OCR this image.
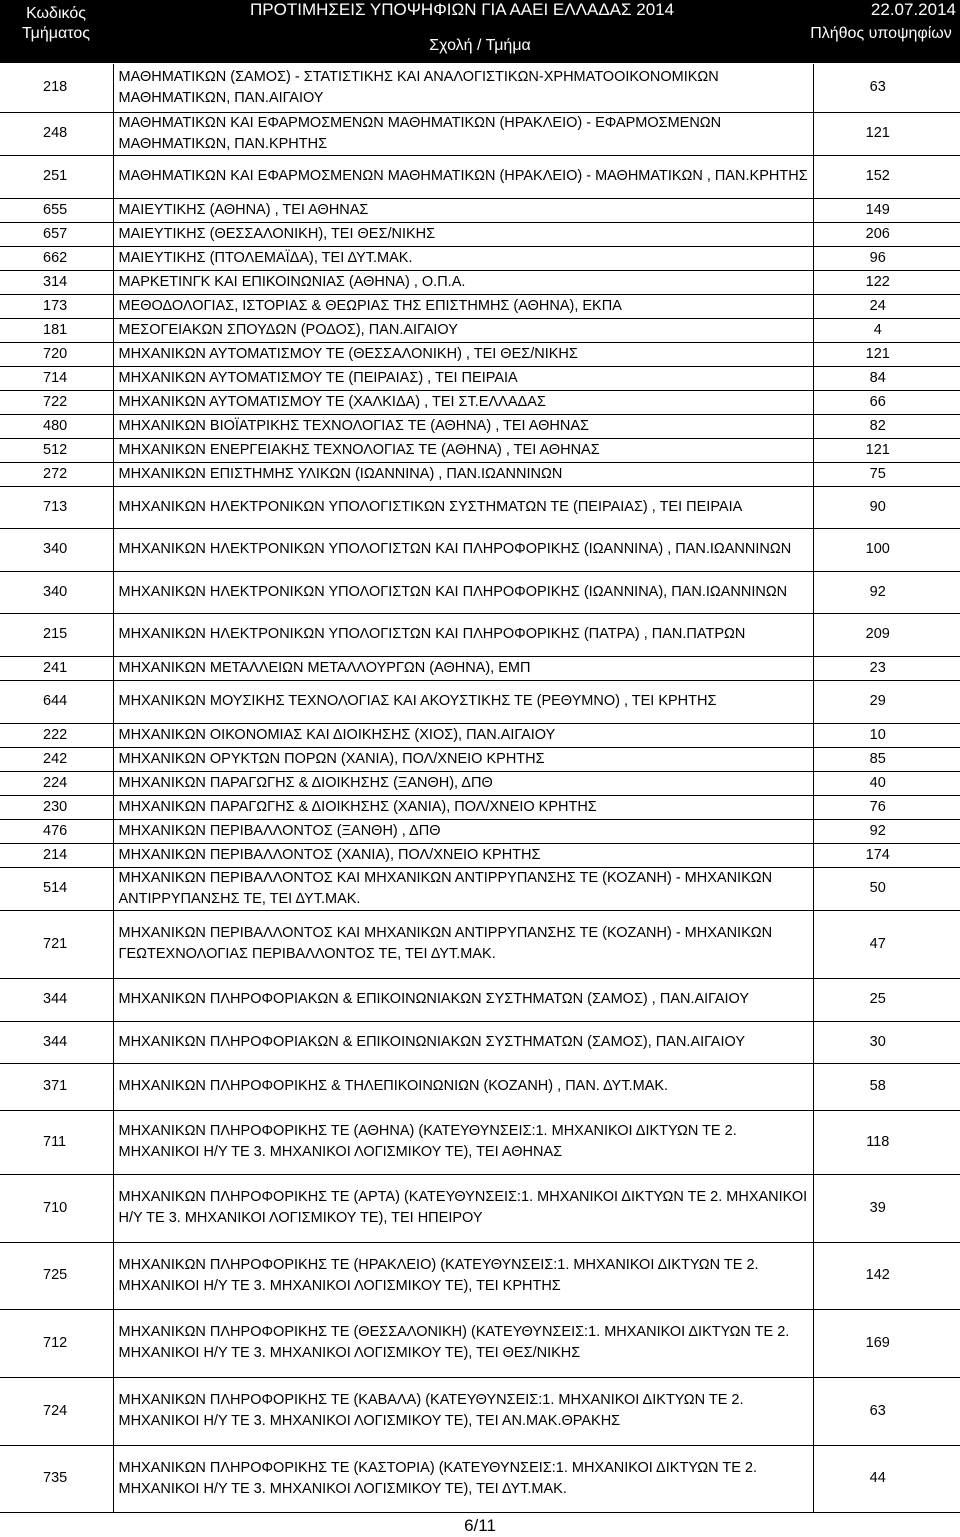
Κωδικός Τμήματος
ΠΡΟΤΙΜΗΣΕΙΣ ΥΠΟΨΗΦΙΩΝ ΓΙΑ ΑΑΕΙ ΕΛΛΑΔΑΣ 2014	22.07.2014
Σχολή / Τμήμα
Πλήθος υποψηφίων
218	ΜΑΘΗΜΑΤΙΚΩΝ (ΣΑΜΟΣ) - ΣΤΑΤΙΣΤΙΚΗΣ ΚΑΙ ΑΝΑΛΟΓΙΣΤΙΚΩΝ-ΧΡΗΜΑΤΟΟΙΚΟΝΟΜΙΚΩΝ ΜΑΘΗΜΑΤΙΚΩΝ, ΠΑΝ.ΑΙΓΑΙΟΥ	63
248	ΜΑΘΗΜΑΤΙΚΩΝ ΚΑΙ ΕΦΑΡΜΟΣΜΕΝΩΝ ΜΑΘΗΜΑΤΙΚΩΝ (ΗΡΑΚΛΕΙΟ) - ΕΦΑΡΜΟΣΜΕΝΩΝ ΜΑΘΗΜΑΤΙΚΩΝ, ΠΑΝ.ΚΡΗΤΗΣ	121
251	ΜΑΘΗΜΑΤΙΚΩΝ ΚΑΙ ΕΦΑΡΜΟΣΜΕΝΩΝ ΜΑΘΗΜΑΤΙΚΩΝ (ΗΡΑΚΛΕΙΟ) - ΜΑΘΗΜΑΤΙΚΩΝ , ΠΑΝ.ΚΡΗΤΗΣ	152
655	ΜΑΙΕΥΤΙΚΗΣ (ΑΘΗΝΑ) , ΤΕΙ ΑΘΗΝΑΣ	149
657	ΜΑΙΕΥΤΙΚΗΣ (ΘΕΣΣΑΛΟΝΙΚΗ), ΤΕΙ ΘΕΣ/ΝΙΚΗΣ	206
662	ΜΑΙΕΥΤΙΚΗΣ (ΠΤΟΛΕΜΑΪΔΑ), ΤΕΙ ΔΥΤ.ΜΑΚ.	96
314	ΜΑΡΚΕΤΙΝΓΚ ΚΑΙ ΕΠΙΚΟΙΝΩΝΙΑΣ (ΑΘΗΝΑ) , Ο.Π.Α.	122
173	ΜΕΘΟΔΟΛΟΓΙΑΣ, ΙΣΤΟΡΙΑΣ & ΘΕΩΡΙΑΣ ΤΗΣ ΕΠΙΣΤΗΜΗΣ (ΑΘΗΝΑ), ΕΚΠΑ	24
181	ΜΕΣΟΓΕΙΑΚΩΝ ΣΠΟΥΔΩΝ (ΡΟΔΟΣ), ΠΑΝ.ΑΙΓΑΙΟΥ	4
720	ΜΗΧΑΝΙΚΩΝ ΑΥΤΟΜΑΤΙΣΜΟΥ ΤΕ (ΘΕΣΣΑΛΟΝΙΚΗ) , ΤΕΙ ΘΕΣ/ΝΙΚΗΣ	121
714	ΜΗΧΑΝΙΚΩΝ ΑΥΤΟΜΑΤΙΣΜΟΥ ΤΕ (ΠΕΙΡΑΙΑΣ) , ΤΕΙ ΠΕΙΡΑΙΑ	84
722	ΜΗΧΑΝΙΚΩΝ ΑΥΤΟΜΑΤΙΣΜΟΥ ΤΕ (ΧΑΛΚΙΔΑ) , ΤΕΙ ΣΤ.ΕΛΛΑΔΑΣ	66
480	ΜΗΧΑΝΙΚΩΝ ΒΙΟΪΑΤΡΙΚΗΣ ΤΕΧΝΟΛΟΓΙΑΣ ΤΕ (ΑΘΗΝΑ) , ΤΕΙ ΑΘΗΝΑΣ	82
512	ΜΗΧΑΝΙΚΩΝ ΕΝΕΡΓΕΙΑΚΗΣ ΤΕΧΝΟΛΟΓΙΑΣ ΤΕ (ΑΘΗΝΑ) , ΤΕΙ ΑΘΗΝΑΣ	121
272	ΜΗΧΑΝΙΚΩΝ ΕΠΙΣΤΗΜΗΣ ΥΛΙΚΩΝ (ΙΩΑΝΝΙΝΑ) , ΠΑΝ.ΙΩΑΝΝΙΝΩΝ	75
713	ΜΗΧΑΝΙΚΩΝ ΗΛΕΚΤΡΟΝΙΚΩΝ ΥΠΟΛΟΓΙΣΤΙΚΩΝ ΣΥΣΤΗΜΑΤΩΝ ΤΕ (ΠΕΙΡΑΙΑΣ) , ΤΕΙ ΠΕΙΡΑΙΑ	90
340	ΜΗΧΑΝΙΚΩΝ ΗΛΕΚΤΡΟΝΙΚΩΝ ΥΠΟΛΟΓΙΣΤΩΝ ΚΑΙ ΠΛΗΡΟΦΟΡΙΚΗΣ (ΙΩΑΝΝΙΝΑ) , ΠΑΝ.ΙΩΑΝΝΙΝΩΝ	100
340	ΜΗΧΑΝΙΚΩΝ ΗΛΕΚΤΡΟΝΙΚΩΝ ΥΠΟΛΟΓΙΣΤΩΝ ΚΑΙ ΠΛΗΡΟΦΟΡΙΚΗΣ (ΙΩΑΝΝΙΝΑ), ΠΑΝ.ΙΩΑΝΝΙΝΩΝ	92
215	ΜΗΧΑΝΙΚΩΝ ΗΛΕΚΤΡΟΝΙΚΩΝ ΥΠΟΛΟΓΙΣΤΩΝ ΚΑΙ ΠΛΗΡΟΦΟΡΙΚΗΣ (ΠΑΤΡΑ) , ΠΑΝ.ΠΑΤΡΩΝ	209
241	ΜΗΧΑΝΙΚΩΝ ΜΕΤΑΛΛΕΙΩΝ ΜΕΤΑΛΛΟΥΡΓΩΝ (ΑΘΗΝΑ), ΕΜΠ	23
644	ΜΗΧΑΝΙΚΩΝ ΜΟΥΣΙΚΗΣ ΤΕΧΝΟΛΟΓΙΑΣ ΚΑΙ ΑΚΟΥΣΤΙΚΗΣ ΤΕ (ΡΕΘΥΜΝΟ) , ΤΕΙ ΚΡΗΤΗΣ	29
222	ΜΗΧΑΝΙΚΩΝ ΟΙΚΟΝΟΜΙΑΣ ΚΑΙ ΔΙΟΙΚΗΣΗΣ (ΧΙΟΣ), ΠΑΝ.ΑΙΓΑΙΟΥ	10
242	ΜΗΧΑΝΙΚΩΝ ΟΡΥΚΤΩΝ ΠΟΡΩΝ (ΧΑΝΙΑ), ΠΟΛ/ΧΝΕΙΟ ΚΡΗΤΗΣ	85
224	ΜΗΧΑΝΙΚΩΝ ΠΑΡΑΓΩΓΗΣ & ΔΙΟΙΚΗΣΗΣ (ΞΑΝΘΗ), ΔΠΘ	40
230	ΜΗΧΑΝΙΚΩΝ ΠΑΡΑΓΩΓΗΣ & ΔΙΟΙΚΗΣΗΣ (ΧΑΝΙΑ), ΠΟΛ/ΧΝΕΙΟ ΚΡΗΤΗΣ	76
476	ΜΗΧΑΝΙΚΩΝ ΠΕΡΙΒΑΛΛΟΝΤΟΣ (ΞΑΝΘΗ) , ΔΠΘ	92
214	ΜΗΧΑΝΙΚΩΝ ΠΕΡΙΒΑΛΛΟΝΤΟΣ (ΧΑΝΙΑ), ΠΟΛ/ΧΝΕΙΟ ΚΡΗΤΗΣ	174
514	ΜΗΧΑΝΙΚΩΝ ΠΕΡΙΒΑΛΛΟΝΤΟΣ ΚΑΙ ΜΗΧΑΝΙΚΩΝ ΑΝΤΙΡΡΥΠΑΝΣΗΣ ΤΕ (ΚΟΖΑΝΗ) - ΜΗΧΑΝΙΚΩΝ ΑΝΤΙΡΡΥΠΑΝΣΗΣ ΤΕ, ΤΕΙ ΔΥΤ.ΜΑΚ.	50
721	ΜΗΧΑΝΙΚΩΝ ΠΕΡΙΒΑΛΛΟΝΤΟΣ ΚΑΙ ΜΗΧΑΝΙΚΩΝ ΑΝΤΙΡΡΥΠΑΝΣΗΣ ΤΕ (ΚΟΖΑΝΗ) - ΜΗΧΑΝΙΚΩΝ ΓΕΩΤΕΧΝΟΛΟΓΙΑΣ ΠΕΡΙΒΑΛΛΟΝΤΟΣ ΤΕ, ΤΕΙ ΔΥΤ.ΜΑΚ.	47
344	ΜΗΧΑΝΙΚΩΝ ΠΛΗΡΟΦΟΡΙΑΚΩΝ & ΕΠΙΚΟΙΝΩΝΙΑΚΩΝ ΣΥΣΤΗΜΑΤΩΝ (ΣΑΜΟΣ) , ΠΑΝ.ΑΙΓΑΙΟΥ	25
344	ΜΗΧΑΝΙΚΩΝ ΠΛΗΡΟΦΟΡΙΑΚΩΝ & ΕΠΙΚΟΙΝΩΝΙΑΚΩΝ ΣΥΣΤΗΜΑΤΩΝ (ΣΑΜΟΣ), ΠΑΝ.ΑΙΓΑΙΟΥ	30
371	ΜΗΧΑΝΙΚΩΝ ΠΛΗΡΟΦΟΡΙΚΗΣ & ΤΗΛΕΠΙΚΟΙΝΩΝΙΩΝ (ΚΟΖΑΝΗ) , ΠΑΝ. ΔΥΤ.ΜΑΚ.	58
711	ΜΗΧΑΝΙΚΩΝ ΠΛΗΡΟΦΟΡΙΚΗΣ ΤΕ (ΑΘΗΝΑ) (ΚΑΤΕΥΘΥΝΣΕΙΣ:1. ΜΗΧΑΝΙΚΟΙ ΔΙΚΤΥΩΝ ΤΕ 2. ΜΗΧΑΝΙΚΟΙ Η/Υ ΤΕ 3. ΜΗΧΑΝΙΚΟΙ ΛΟΓΙΣΜΙΚΟΥ ΤΕ), ΤΕΙ ΑΘΗΝΑΣ	118
710	ΜΗΧΑΝΙΚΩΝ ΠΛΗΡΟΦΟΡΙΚΗΣ ΤΕ (ΑΡΤΑ) (ΚΑΤΕΥΘΥΝΣΕΙΣ:1. ΜΗΧΑΝΙΚΟΙ ΔΙΚΤΥΩΝ ΤΕ 2. ΜΗΧΑΝΙΚΟΙ Η/Υ ΤΕ 3. ΜΗΧΑΝΙΚΟΙ ΛΟΓΙΣΜΙΚΟΥ ΤΕ), ΤΕΙ ΗΠΕΙΡΟΥ	39
725	ΜΗΧΑΝΙΚΩΝ ΠΛΗΡΟΦΟΡΙΚΗΣ ΤΕ (ΗΡΑΚΛΕΙΟ) (ΚΑΤΕΥΘΥΝΣΕΙΣ:1. ΜΗΧΑΝΙΚΟΙ ΔΙΚΤΥΩΝ ΤΕ 2. ΜΗΧΑΝΙΚΟΙ Η/Υ ΤΕ 3. ΜΗΧΑΝΙΚΟΙ ΛΟΓΙΣΜΙΚΟΥ ΤΕ), ΤΕΙ ΚΡΗΤΗΣ	142
712	ΜΗΧΑΝΙΚΩΝ ΠΛΗΡΟΦΟΡΙΚΗΣ ΤΕ (ΘΕΣΣΑΛΟΝΙΚΗ) (ΚΑΤΕΥΘΥΝΣΕΙΣ:1. ΜΗΧΑΝΙΚΟΙ ΔΙΚΤΥΩΝ ΤΕ 2. ΜΗΧΑΝΙΚΟΙ Η/Υ ΤΕ 3. ΜΗΧΑΝΙΚΟΙ ΛΟΓΙΣΜΙΚΟΥ ΤΕ), ΤΕΙ ΘΕΣ/ΝΙΚΗΣ	169
724	ΜΗΧΑΝΙΚΩΝ ΠΛΗΡΟΦΟΡΙΚΗΣ ΤΕ (ΚΑΒΑΛΑ) (ΚΑΤΕΥΘΥΝΣΕΙΣ:1. ΜΗΧΑΝΙΚΟΙ ΔΙΚΤΥΩΝ ΤΕ 2. ΜΗΧΑΝΙΚΟΙ Η/Υ ΤΕ 3. ΜΗΧΑΝΙΚΟΙ ΛΟΓΙΣΜΙΚΟΥ ΤΕ), ΤΕΙ ΑΝ.ΜΑΚ.ΘΡΑΚΗΣ	63
735	ΜΗΧΑΝΙΚΩΝ ΠΛΗΡΟΦΟΡΙΚΗΣ ΤΕ (ΚΑΣΤΟΡΙΑ) (ΚΑΤΕΥΘΥΝΣΕΙΣ:1. ΜΗΧΑΝΙΚΟΙ ΔΙΚΤΥΩΝ ΤΕ 2. ΜΗΧΑΝΙΚΟΙ Η/Υ ΤΕ 3. ΜΗΧΑΝΙΚΟΙ ΛΟΓΙΣΜΙΚΟΥ ΤΕ), ΤΕΙ ΔΥΤ.ΜΑΚ.	44
6/11
